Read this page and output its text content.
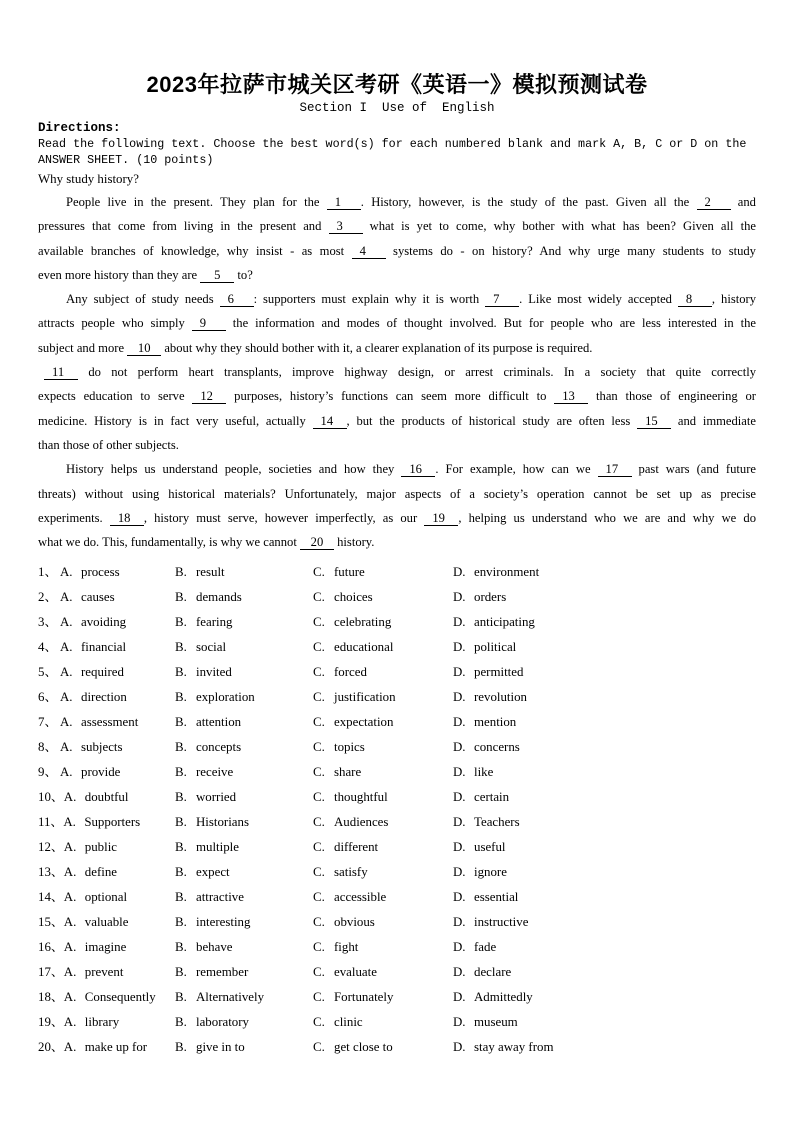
2023年拉萨市城关区考研《英语一》模拟预测试卷
Section I  Use of  English
Directions:
Read the following text. Choose the best word(s) for each numbered blank and mark A, B, C or D on the
ANSWER SHEET. (10 points)
Why study history?
People live in the present. They plan for the 1 . History, however, is the study of the past. Given all the 2 and
pressures that come from living in the present and 3 what is yet to come, why bother with what has been? Given all the
available branches of knowledge, why insist - as most 4 systems do - on history? And why urge many students to study
even more history than they are 5 to?
Any subject of study needs 6 : supporters must explain why it is worth 7 . Like most widely accepted 8 , history
attracts people who simply 9 the information and modes of thought involved. But for people who are less interested in the
subject and more 10 about why they should bother with it, a clearer explanation of its purpose is required.
11 do not perform heart transplants, improve highway design, or arrest criminals. In a society that quite correctly
expects education to serve 12 purposes, history’s functions can seem more difficult to 13 than those of engineering or
medicine. History is in fact very useful, actually 14 , but the products of historical study are often less 15 and immediate
than those of other subjects.
History helps us understand people, societies and how they 16 . For example, how can we 17 past wars (and future
threats) without using historical materials? Unfortunately, major aspects of a society’s operation cannot be set up as precise
experiments. 18 , history must serve, however imperfectly, as our 19 , helping us understand who we are and why we do
what we do. This, fundamentally, is why we cannot 20 history.
1、 A. process	B. result	C. future	D. environment
2、 A. causes	B. demands	C. choices	D. orders
3、 A. avoiding	B. fearing	C. celebrating	D. anticipating
4、 A. financial	B. social	C. educational	D. political
5、 A. required	B. invited	C. forced	D. permitted
6、 A. direction	B. exploration	C. justification	D. revolution
7、 A. assessment	B. attention	C. expectation	D. mention
8、 A. subjects	B. concepts	C. topics	D. concerns
9、 A. provide	B. receive	C. share	D. like
10、A. doubtful	B. worried	C. thoughtful	D. certain
11、A. Supporters	B. Historians	C. Audiences	D. Teachers
12、A. public	B. multiple	C. different	D. useful
13、A. define	B. expect	C. satisfy	D. ignore
14、A. optional	B. attractive	C. accessible	D. essential
15、A. valuable	B. interesting	C. obvious	D. instructive
16、A. imagine	B. behave	C. fight	D. fade
17、A. prevent	B. remember	C. evaluate	D. declare
18、A. Consequently	B. Alternatively	C. Fortunately	D. Admittedly
19、A. library	B. laboratory	C. clinic	D. museum
20、A. make up for	B. give in to	C. get close to	D. stay away from
